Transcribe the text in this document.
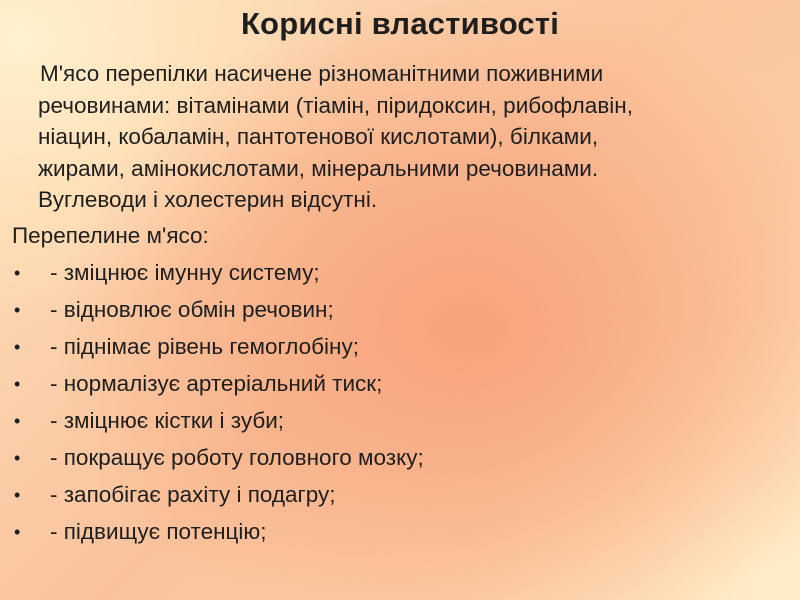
Корисні властивості

М'ясо перепілки насичене різноманітними поживними
речовинами: вітамінами (тіамін, піридоксин, рибофлавін,
ніацин, кобаламін, пантотенової кислотами), білками,
жирами, амінокислотами, мінеральними речовинами.
Вуглеводи і холестерин відсутні.

Перепелине м'ясо:

• - зміцнює імунну систему;
• - відновлює обмін речовин;
• - піднімає рівень гемоглобіну;
• - нормалізує артеріальний тиск;
• - зміцнює кістки і зуби;
• - покращує роботу головного мозку;
• - запобігає рахіту і подагру;
• - підвищує потенцію;
